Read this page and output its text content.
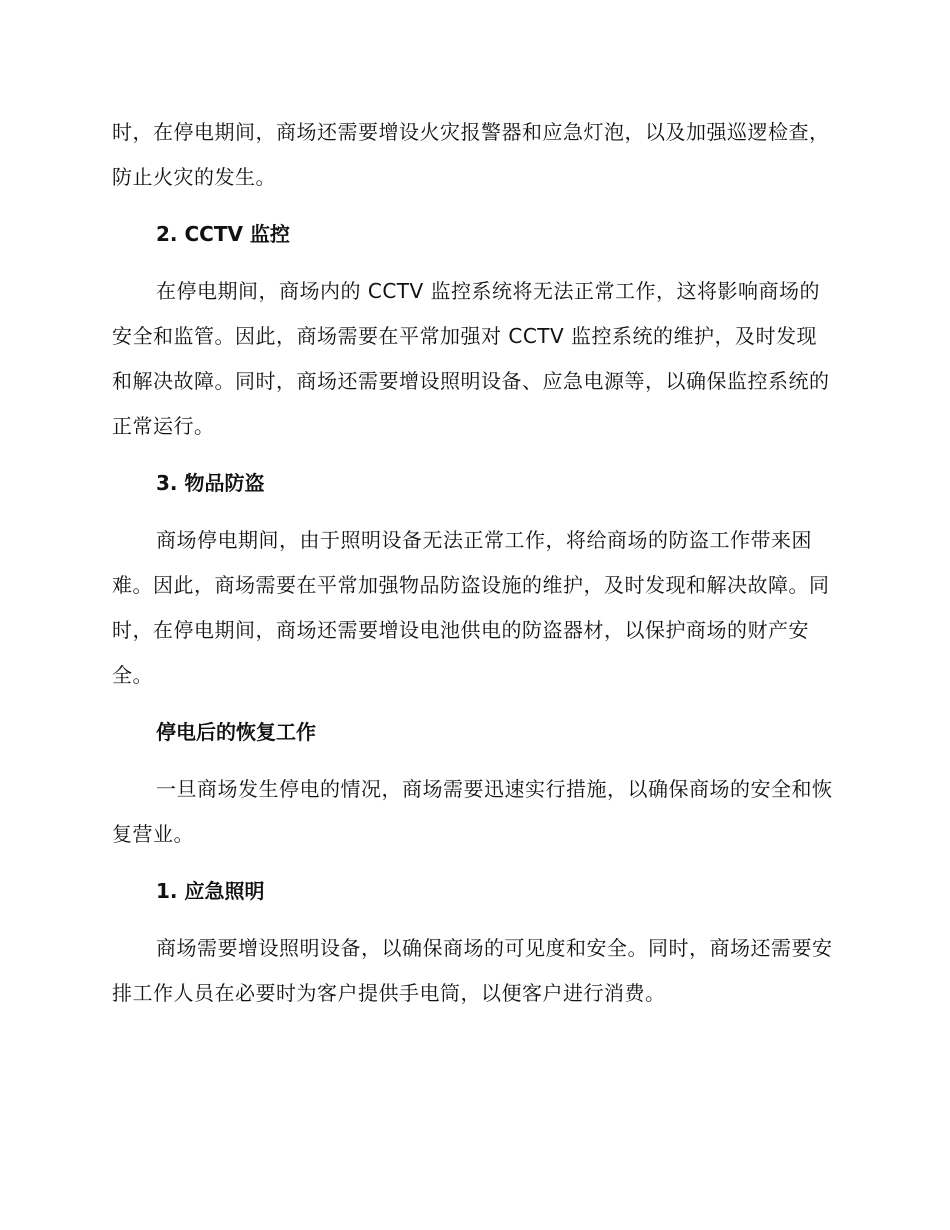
时，在停电期间，商场还需要增设火灾报警器和应急灯泡，以及加强巡逻检查，防止火灾的发生。

2. CCTV 监控

在停电期间，商场内的 CCTV 监控系统将无法正常工作，这将影响商场的安全和监管。因此，商场需要在平常加强对 CCTV 监控系统的维护，及时发现和解决故障。同时，商场还需要增设照明设备、应急电源等，以确保监控系统的正常运行。

3. 物品防盗

商场停电期间，由于照明设备无法正常工作，将给商场的防盗工作带来困难。因此，商场需要在平常加强物品防盗设施的维护，及时发现和解决故障。同时，在停电期间，商场还需要增设电池供电的防盗器材，以保护商场的财产安全。

停电后的恢复工作

一旦商场发生停电的情况，商场需要迅速实行措施，以确保商场的安全和恢复营业。

1. 应急照明

商场需要增设照明设备，以确保商场的可见度和安全。同时，商场还需要安排工作人员在必要时为客户提供手电筒，以便客户进行消费。
